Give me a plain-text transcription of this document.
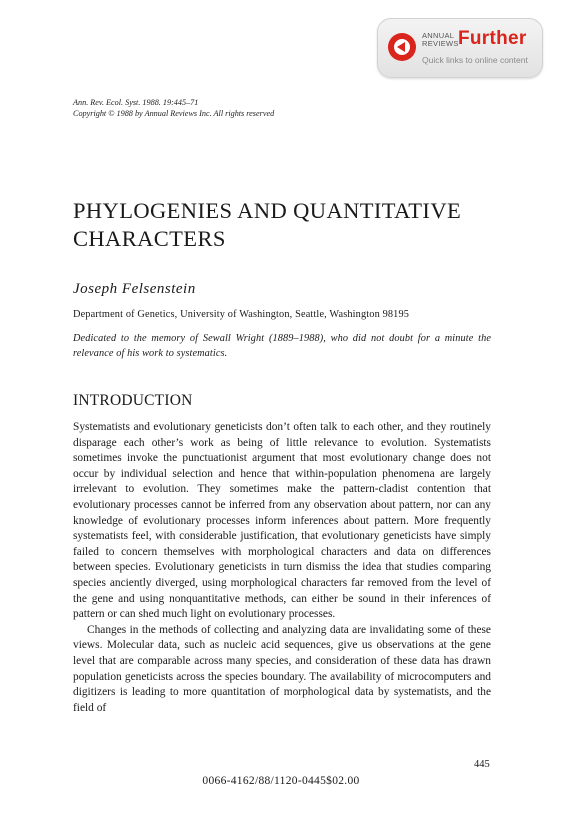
ANNUAL
REVIEWS Further
Quick links to online content
Ann. Rev. Ecol. Syst. 1988. 19:445–71
Copyright © 1988 by Annual Reviews Inc. All rights reserved
PHYLOGENIES AND QUANTITATIVE CHARACTERS
Joseph Felsenstein
Department of Genetics, University of Washington, Seattle, Washington 98195
Dedicated to the memory of Sewall Wright (1889–1988), who did not doubt for a minute the relevance of his work to systematics.
INTRODUCTION

Systematists and evolutionary geneticists don’t often talk to each other, and they routinely disparage each other’s work as being of little relevance to evolution. Systematists sometimes invoke the punctuationist argument that most evolutionary change does not occur by individual selection and hence that within-population phenomena are largely irrelevant to evolution. They sometimes make the pattern-cladist contention that evolutionary processes cannot be inferred from any observation about pattern, nor can any knowledge of evolutionary processes inform inferences about pattern. More frequently systematists feel, with considerable justification, that evolutionary geneticists have simply failed to concern themselves with morphological characters and data on differences between species. Evolutionary geneticists in turn dismiss the idea that studies comparing species anciently diverged, using morphological characters far removed from the level of the gene and using nonquantitative methods, can either be sound in their inferences of pattern or can shed much light on evolutionary processes.

Changes in the methods of collecting and analyzing data are invalidating some of these views. Molecular data, such as nucleic acid sequences, give us observations at the gene level that are comparable across many species, and consideration of these data has drawn population geneticists across the species boundary. The availability of microcomputers and digitizers is leading to more quantitation of morphological data by systematists, and the field of

445
0066-4162/88/1120-0445$02.00
